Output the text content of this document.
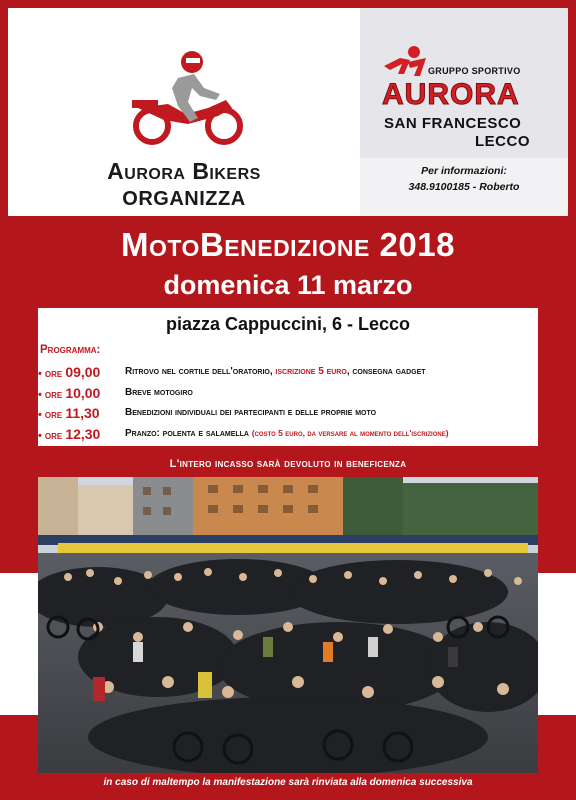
Aurora Bikers
ORGANIZZA
GRUPPO SPORTIVO
AURORA
SAN FRANCESCO
LECCO
Per informazioni:
348.9100185 - Roberto
MotoBenedizione 2018
domenica 11 marzo
piazza Cappuccini, 6 - Lecco
Programma:
• ore 09,00 Ritrovo nel cortile dell'oratorio, iscrizione 5 euro, consegna gadget
• ore 10,00 Breve motogiro
• ore 11,30	Benedizioni individuali dei partecipanti e delle proprie moto
• ore 12,30 Pranzo: polenta e salamella (costo 5 euro, da versare al momento dell'iscrizione)
L'intero incasso sarà devoluto in beneficenza
in caso di maltempo la manifestazione sarà rinviata alla domenica successiva
